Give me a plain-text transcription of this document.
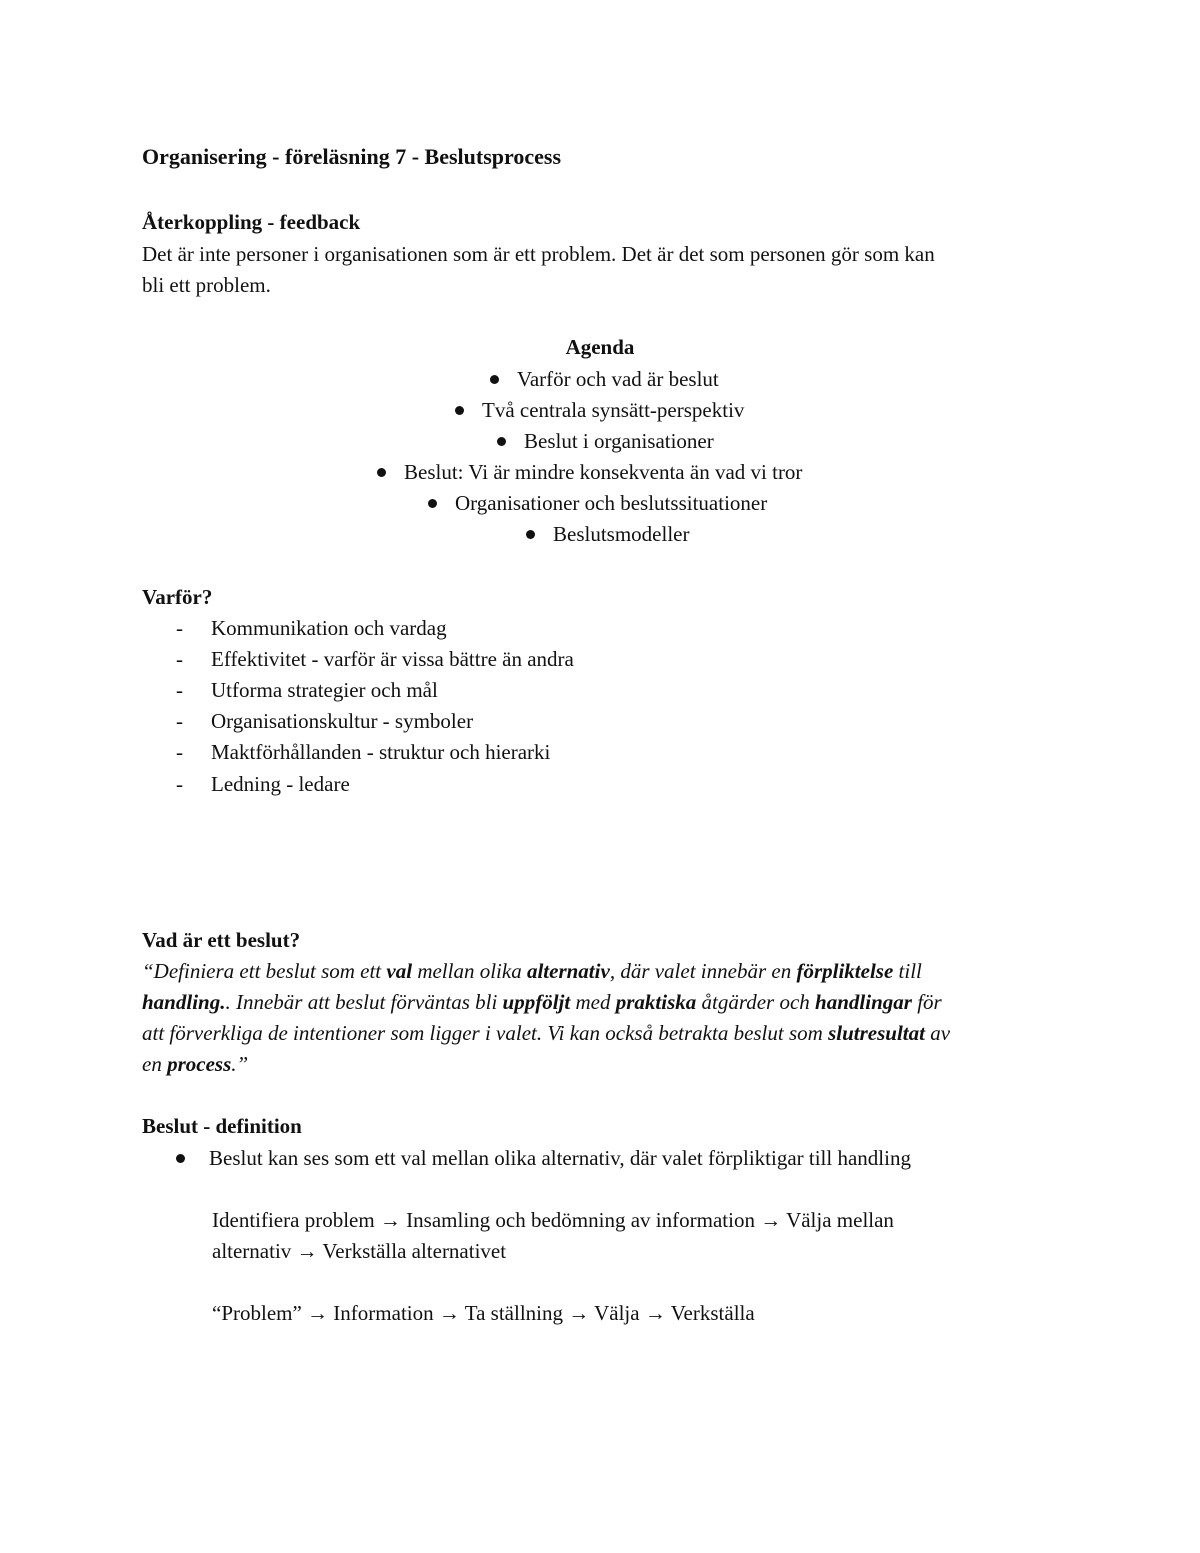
Organisering - föreläsning 7 - Beslutsprocess
Återkoppling - feedback
Det är inte personer i organisationen som är ett problem. Det är det som personen gör som kan
bli ett problem.
Agenda
Varför och vad är beslut
Två centrala synsätt-perspektiv
Beslut i organisationer
Beslut: Vi är mindre konsekventa än vad vi tror
Organisationer och beslutssituationer
Beslutsmodeller
Varför?
- Kommunikation och vardag
- Effektivitet - varför är vissa bättre än andra
- Utforma strategier och mål
- Organisationskultur - symboler
- Maktförhållanden - struktur och hierarki
- Ledning - ledare
Vad är ett beslut?
“Definiera ett beslut som ett val mellan olika alternativ, där valet innebär en förpliktelse till
handling.. Innebär att beslut förväntas bli uppföljt med praktiska åtgärder och handlingar för
att förverkliga de intentioner som ligger i valet. Vi kan också betrakta beslut som slutresultat av
en process.”
Beslut - definition
Beslut kan ses som ett val mellan olika alternativ, där valet förpliktigar till handling
Identifiera problem → Insamling och bedömning av information → Välja mellan
alternativ → Verkställa alternativet
“Problem” → Information → Ta ställning → Välja → Verkställa
